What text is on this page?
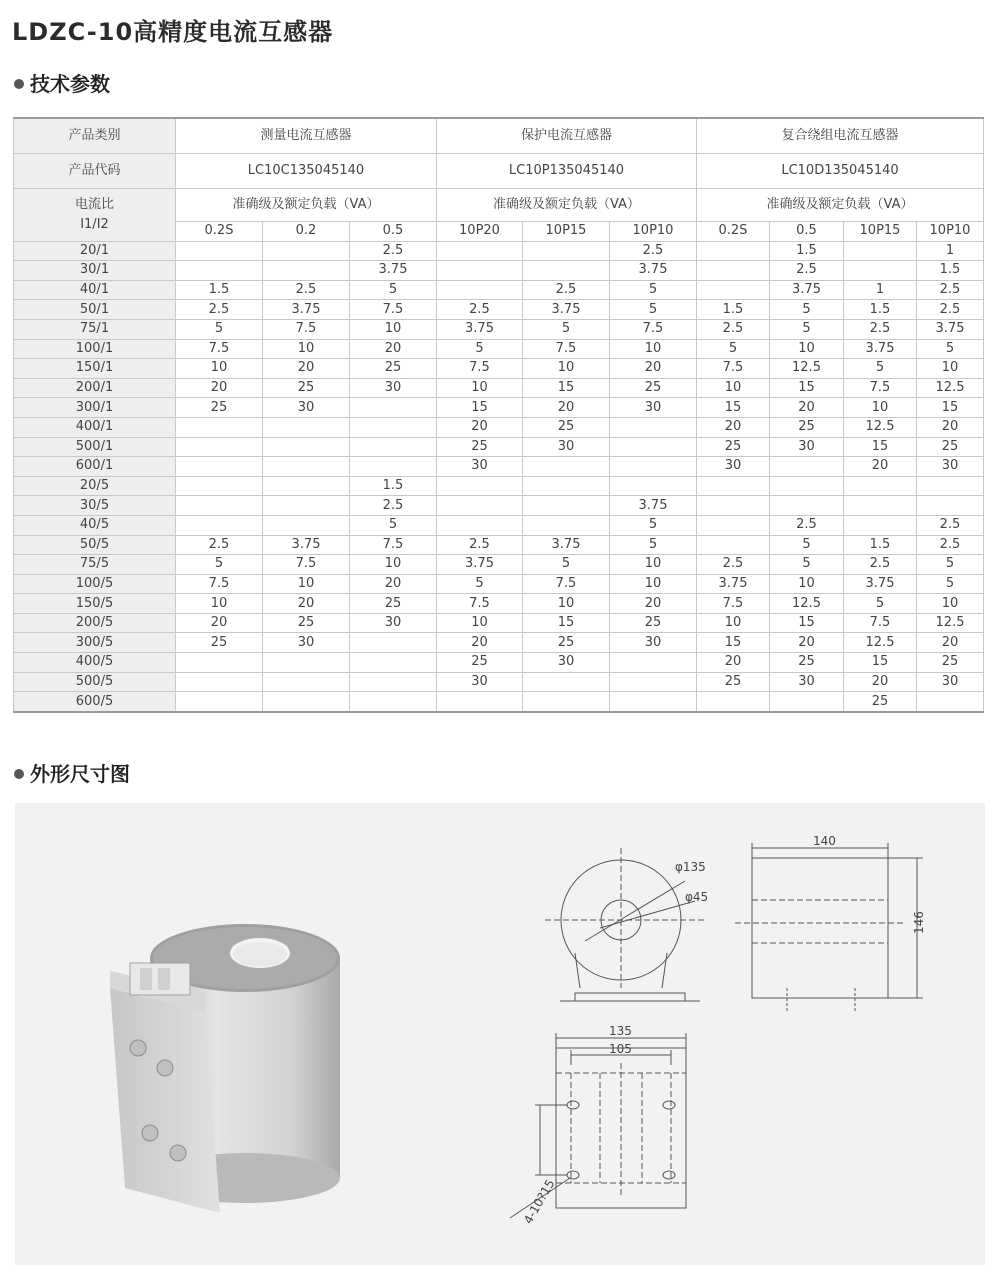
LDZC-10高精度电流互感器
技术参数
产品类别	测量电流互感器			保护电流互感器			复合绕组电流互感器			
产品代码	LC10C135045140			LC10P135045140			LC10D135045140			

电流比
I1/I2	准确级及额定负载（VA）			准确级及额定负载（VA）			准确级及额定负载（VA）			
	0.2S	0.2	0.5	10P20	10P15	10P10	0.2S	0.5	10P15	10P10
20/1			2.5			2.5		1.5		1
30/1			3.75			3.75		2.5		1.5
40/1	1.5	2.5	5		2.5	5		3.75	1	2.5
50/1	2.5	3.75	7.5	2.5	3.75	5	1.5	5	1.5	2.5
75/1	5	7.5	10	3.75	5	7.5	2.5	5	2.5	3.75
100/1	7.5	10	20	5	7.5	10	5	10	3.75	5
150/1	10	20	25	7.5	10	20	7.5	12.5	5	10
200/1	20	25	30	10	15	25	10	15	7.5	12.5
300/1	25	30		15	20	30	15	20	10	15
400/1				20	25		20	25	12.5	20
500/1				25	30		25	30	15	25
600/1				30			30		20	30
20/5			1.5							
30/5			2.5			3.75				
40/5			5			5		2.5		2.5
50/5	2.5	3.75	7.5	2.5	3.75	5		5	1.5	2.5
75/5	5	7.5	10	3.75	5	10	2.5	5	2.5	5
100/5	7.5	10	20	5	7.5	10	3.75	10	3.75	5
150/5	10	20	25	7.5	10	20	7.5	12.5	5	10
200/5	20	25	30	10	15	25	10	15	7.5	12.5
300/5	25	30		20	25	30	15	20	12.5	20
400/5				25	30		20	25	15	25
500/5				30			25	30	20	30
600/5									25	
外形尺寸图
φ135
φ45
140
146
135
105
4-10?15
